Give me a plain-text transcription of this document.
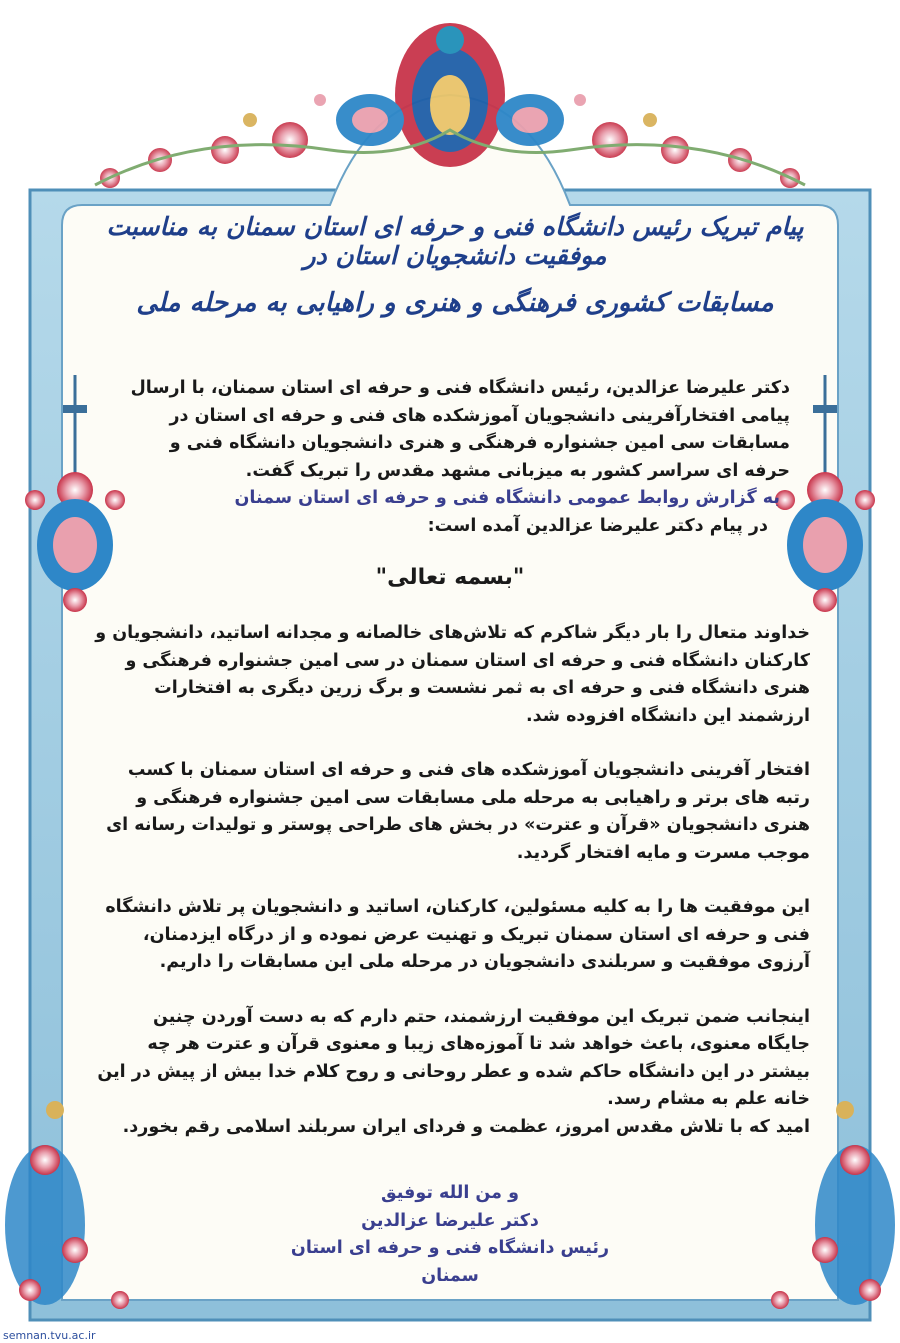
پیام تبریک رئیس دانشگاه فنی و حرفه ای استان سمنان به مناسبت موفقیت دانشجویان استان در
مسابقات کشوری فرهنگی و هنری و راهیابی به مرحله ملی

دکتر علیرضا عزالدین، رئیس دانشگاه فنی و حرفه ای استان سمنان، با ارسال پیامی افتخارآفرینی دانشجویان آموزشکده های فنی و حرفه ای استان در مسابقات سی امین جشنواره فرهنگی و هنری دانشجویان دانشگاه فنی و حرفه ای سراسر کشور به میزبانی مشهد مقدس را تبریک گفت.

به گزارش روابط عمومی دانشگاه فنی و حرفه ای استان سمنان

در پیام دکتر علیرضا عزالدین آمده است:

"بسمه تعالی"

خداوند متعال را بار دیگر شاکرم که تلاش‌های خالصانه و مجدانه اساتید، دانشجویان و کارکنان دانشگاه فنی و حرفه ای استان سمنان در سی امین جشنواره فرهنگی و هنری دانشگاه فنی و حرفه ای به ثمر نشست و برگ زرین دیگری به افتخارات ارزشمند این دانشگاه افزوده شد.

افتخار آفرینی دانشجویان آموزشکده های فنی و حرفه ای استان سمنان با کسب رتبه های برتر و راهیابی به مرحله ملی مسابقات سی امین جشنواره فرهنگی و هنری دانشجویان «قرآن و عترت» در بخش های طراحی پوستر و تولیدات رسانه ای موجب مسرت و مایه افتخار گردید.

این موفقیت ها را به کلیه مسئولین، کارکنان، اساتید و دانشجویان پر تلاش دانشگاه فنی و حرفه ای استان سمنان تبریک و تهنیت عرض نموده و از درگاه ایزدمنان، آرزوی موفقیت و سربلندی دانشجویان در مرحله ملی این مسابقات را داریم.

اینجانب ضمن تبریک این موفقیت ارزشمند، حتم دارم که به دست آوردن چنین جایگاه معنوی، باعث خواهد شد تا آموزه‌های زیبا و معنوی قرآن و عترت هر چه بیشتر در این دانشگاه حاکم شده و عطر روحانی و روح کلام خدا بیش از پیش در این خانه علم به مشام رسد.

امید که با تلاش مقدس امروز، عظمت و فردای ایران سربلند اسلامی رقم بخورد.

و من الله توفیق
دکتر علیرضا عزالدین
رئیس دانشگاه فنی و حرفه ای استان سمنان
semnan.tvu.ac.ir
